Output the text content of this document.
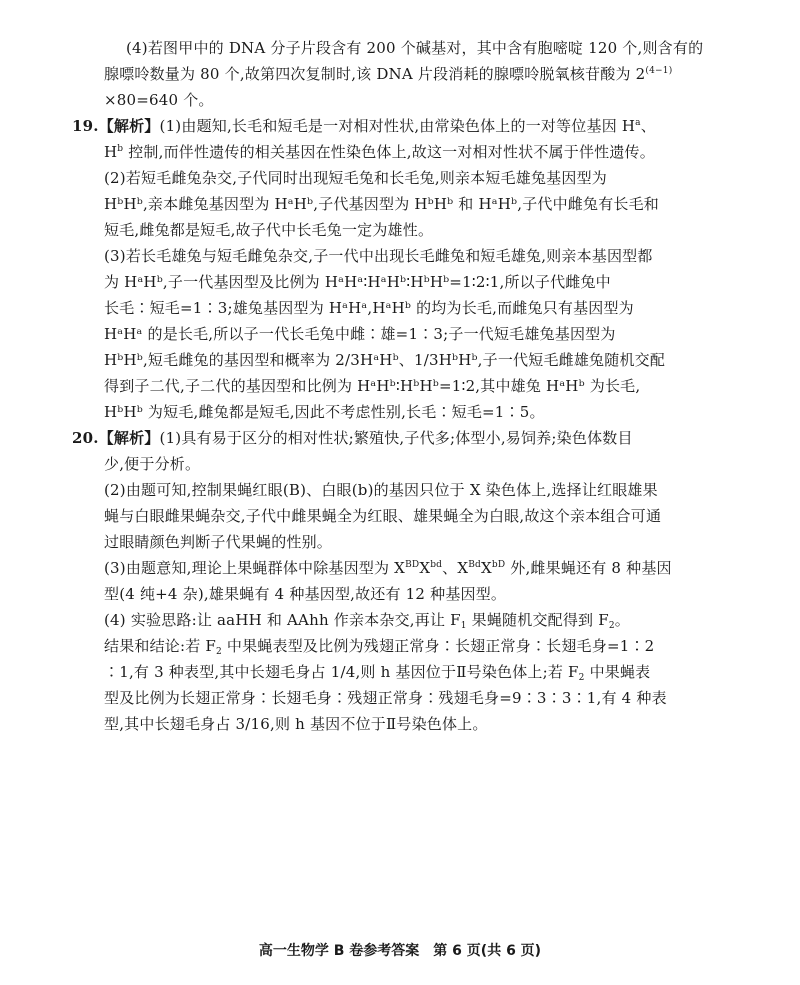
(4)若图甲中的 DNA 分子片段含有 200 个碱基对，其中含有胞嘧啶 120 个,则含有的
腺嘌呤数量为 80 个,故第四次复制时,该 DNA 片段消耗的腺嘌呤脱氧核苷酸为 $2^{(4-1)}$
×80=640 个。
19.【解析】(1)由题知,长毛和短毛是一对相对性状,由常染色体上的一对等位基因 $H^a$、
$H^b$ 控制,而伴性遗传的相关基因在性染色体上,故这一对相对性状不属于伴性遗传。
(2)若短毛雌兔杂交,子代同时出现短毛兔和长毛兔,则亲本短毛雄兔基因型为
HᵇHᵇ,亲本雌兔基因型为 HᵃHᵇ,子代基因型为 HᵇHᵇ 和 HᵃHᵇ,子代中雌兔有长毛和
短毛,雌兔都是短毛,故子代中长毛兔一定为雄性。
(3)若长毛雄兔与短毛雌兔杂交,子一代中出现长毛雌兔和短毛雄兔,则亲本基因型都
为 HᵃHᵇ,子一代基因型及比例为 HᵃHᵃ∶HᵃHᵇ∶HᵇHᵇ=1∶2∶1,所以子代雌兔中
长毛∶短毛=1∶3;雄兔基因型为 HᵃHᵃ,HᵃHᵇ 的均为长毛,而雌兔只有基因型为
HᵃHᵃ 的是长毛,所以子一代长毛兔中雌∶雄=1∶3;子一代短毛雄兔基因型为
HᵇHᵇ,短毛雌兔的基因型和概率为 2/3HᵃHᵇ、1/3HᵇHᵇ,子一代短毛雌雄兔随机交配
得到子二代,子二代的基因型和比例为 HᵃHᵇ∶HᵇHᵇ=1∶2,其中雄兔 HᵃHᵇ 为长毛,
HᵇHᵇ 为短毛,雌兔都是短毛,因此不考虑性别,长毛∶短毛=1∶5。
20.【解析】(1)具有易于区分的相对性状;繁殖快,子代多;体型小,易饲养;染色体数目
少,便于分析。
(2)由题可知,控制果蝇红眼(B)、白眼(b)的基因只位于 X 染色体上,选择让红眼雄果
蝇与白眼雌果蝇杂交,子代中雌果蝇全为红眼、雄果蝇全为白眼,故这个亲本组合可通
过眼睛颜色判断子代果蝇的性别。
(3)由题意知,理论上果蝇群体中除基因型为 $X^{BD}X^{bd}$、$X^{Bd}X^{bD}$ 外,雌果蝇还有 8 种基因
型(4 纯+4 杂),雄果蝇有 4 种基因型,故还有 12 种基因型。
(4) 实验思路:让 aaHH 和 AAhh 作亲本杂交,再让 $F_1$ 果蝇随机交配得到 $F_2$。
结果和结论:若 $F_2$ 中果蝇表型及比例为残翅正常身∶长翅正常身∶长翅毛身=1∶2
∶1,有 3 种表型,其中长翅毛身占 1/4,则 h 基因位于Ⅱ号染色体上;若 $F_2$ 中果蝇表
型及比例为长翅正常身∶长翅毛身∶残翅正常身∶残翅毛身=9∶3∶3∶1,有 4 种表
型,其中长翅毛身占 3/16,则 h 基因不位于Ⅱ号染色体上。
高一生物学 B 卷参考答案　第 6 页(共 6 页)
